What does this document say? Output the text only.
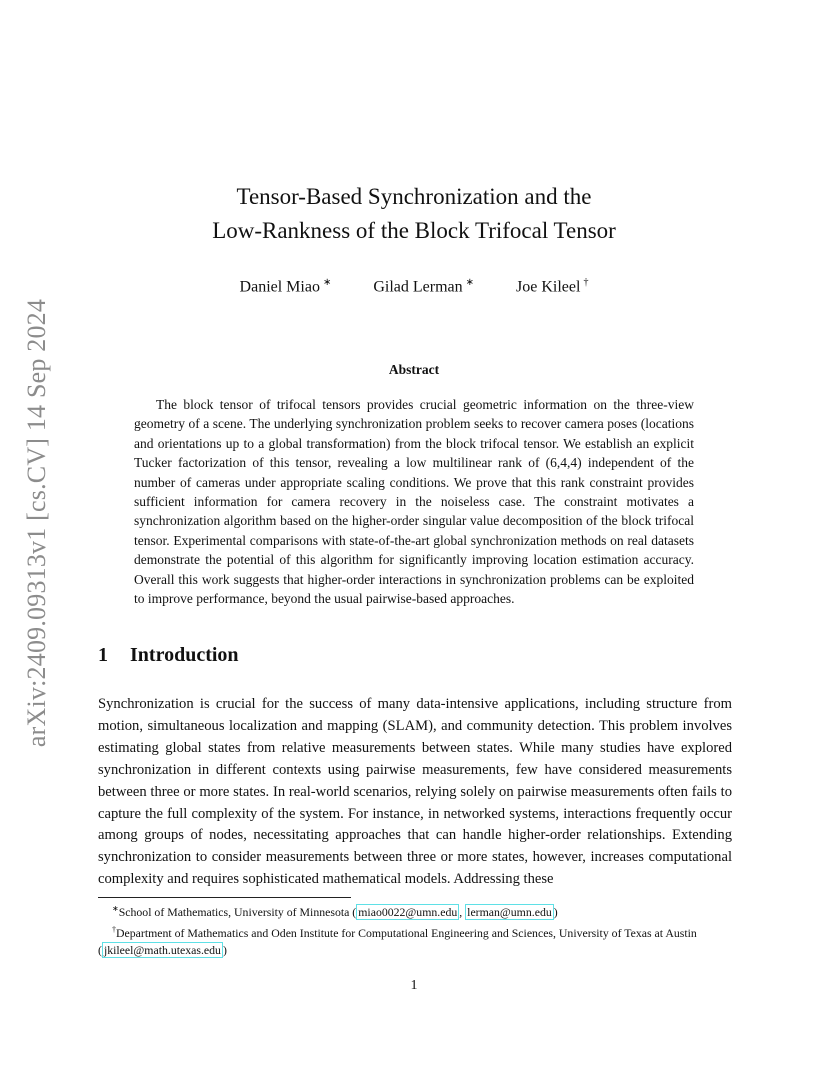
arXiv:2409.09313v1 [cs.CV] 14 Sep 2024
Tensor-Based Synchronization and the
Low-Rankness of the Block Trifocal Tensor
Daniel Miao ∗	Gilad Lerman ∗	Joe Kileel †
Abstract
The block tensor of trifocal tensors provides crucial geometric information on the three-view geometry of a scene. The underlying synchronization problem seeks to recover camera poses (locations and orientations up to a global transformation) from the block trifocal tensor. We establish an explicit Tucker factorization of this tensor, revealing a low multilinear rank of (6,4,4) independent of the number of cameras under appropriate scaling conditions. We prove that this rank constraint provides sufficient information for camera recovery in the noiseless case. The constraint motivates a synchronization algorithm based on the higher-order singular value decomposition of the block trifocal tensor. Experimental comparisons with state-of-the-art global synchronization methods on real datasets demonstrate the potential of this algorithm for significantly improving location estimation accuracy. Overall this work suggests that higher-order interactions in synchronization problems can be exploited to improve performance, beyond the usual pairwise-based approaches.
1 Introduction
Synchronization is crucial for the success of many data-intensive applications, including structure from motion, simultaneous localization and mapping (SLAM), and community detection. This problem involves estimating global states from relative measurements between states. While many studies have explored synchronization in different contexts using pairwise measurements, few have considered measurements between three or more states. In real-world scenarios, relying solely on pairwise measurements often fails to capture the full complexity of the system. For instance, in networked systems, interactions frequently occur among groups of nodes, necessitating approaches that can handle higher-order relationships. Extending synchronization to consider measurements between three or more states, however, increases computational complexity and requires sophisticated mathematical models. Addressing these
∗School of Mathematics, University of Minnesota ( miao0022@umn.edu , lerman@umn.edu )
†Department of Mathematics and Oden Institute for Computational Engineering and Sciences, University of Texas at Austin ( jkileel@math.utexas.edu )
1
